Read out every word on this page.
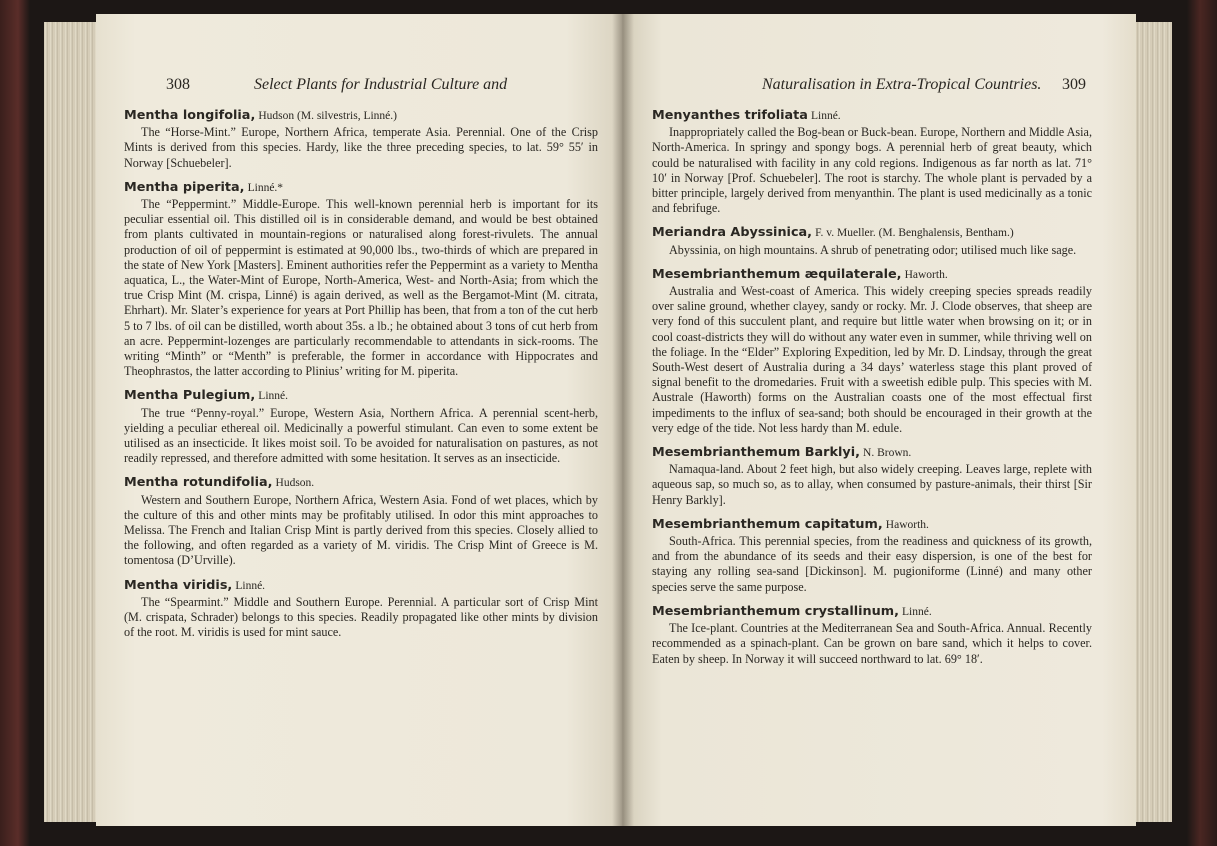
308	Select Plants for Industrial Culture and	Naturalisation in Extra-Tropical Countries. 309
Mentha longifolia, Hudson (M. silvestris, Linné.)

The “Horse-Mint.” Europe, Northern Africa, temperate Asia. Perennial. One of the Crisp Mints is derived from this species. Hardy, like the three preceding species, to lat. 59° 55′ in Norway [Schuebeler].

Mentha piperita, Linné.*

The “Peppermint.” Middle-Europe. This well-known perennial herb is important for its peculiar essential oil. This distilled oil is in considerable demand, and would be best obtained from plants cultivated in mountain-regions or naturalised along forest-rivulets. The annual production of oil of peppermint is estimated at 90,000 lbs., two-thirds of which are prepared in the state of New York [Masters]. Eminent authorities refer the Peppermint as a variety to Mentha aquatica, L., the Water-Mint of Europe, North-America, West- and North-Asia; from which the true Crisp Mint (M. crispa, Linné) is again derived, as well as the Bergamot-Mint (M. citrata, Ehrhart). Mr. Slater’s experience for years at Port Phillip has been, that from a ton of the cut herb 5 to 7 lbs. of oil can be distilled, worth about 35s. a lb.; he obtained about 3 tons of cut herb from an acre. Peppermint-lozenges are particularly recommendable to attendants in sick-rooms. The writing “Minth” or “Menth” is preferable, the former in accordance with Hippocrates and Theophrastos, the latter according to Plinius’ writing for M. piperita.

Mentha Pulegium, Linné.

The true “Penny-royal.” Europe, Western Asia, Northern Africa. A perennial scent-herb, yielding a peculiar ethereal oil. Medicinally a powerful stimulant. Can even to some extent be utilised as an insecticide. It likes moist soil. To be avoided for naturalisation on pastures, as not readily repressed, and therefore admitted with some hesitation. It serves as an insecticide.

Mentha rotundifolia, Hudson.

Western and Southern Europe, Northern Africa, Western Asia. Fond of wet places, which by the culture of this and other mints may be profitably utilised. In odor this mint approaches to Melissa. The French and Italian Crisp Mint is partly derived from this species. Closely allied to the following, and often regarded as a variety of M. viridis. The Crisp Mint of Greece is M. tomentosa (D’Urville).

Mentha viridis, Linné.

The “Spearmint.” Middle and Southern Europe. Perennial. A particular sort of Crisp Mint (M. crispata, Schrader) belongs to this species. Readily propagated like other mints by division of the root. M. viridis is used for mint sauce.

Menyanthes trifoliata Linné.

Inappropriately called the Bog-bean or Buck-bean. Europe, Northern and Middle Asia, North-America. In springy and spongy bogs. A perennial herb of great beauty, which could be naturalised with facility in any cold regions. Indigenous as far north as lat. 71° 10′ in Norway [Prof. Schuebeler]. The root is starchy. The whole plant is pervaded by a bitter principle, largely derived from menyanthin. The plant is used medicinally as a tonic and febrifuge.

Meriandra Abyssinica, F. v. Mueller. (M. Benghalensis, Bentham.)

Abyssinia, on high mountains. A shrub of penetrating odor; utilised much like sage.

Mesembrianthemum æquilaterale, Haworth.

Australia and West-coast of America. This widely creeping species spreads readily over saline ground, whether clayey, sandy or rocky. Mr. J. Clode observes, that sheep are very fond of this succulent plant, and require but little water when browsing on it; or in cool coast-districts they will do without any water even in summer, while thriving well on the foliage. In the “Elder” Exploring Expedition, led by Mr. D. Lindsay, through the great South-West desert of Australia during a 34 days’ waterless stage this plant proved of signal benefit to the dromedaries. Fruit with a sweetish edible pulp. This species with M. Australe (Haworth) forms on the Australian coasts one of the most effectual first impediments to the influx of sea-sand; both should be encouraged in their growth at the very edge of the tide. Not less hardy than M. edule.

Mesembrianthemum Barklyi, N. Brown.

Namaqua-land. About 2 feet high, but also widely creeping. Leaves large, replete with aqueous sap, so much so, as to allay, when consumed by pasture-animals, their thirst [Sir Henry Barkly].

Mesembrianthemum capitatum, Haworth.

South-Africa. This perennial species, from the readiness and quickness of its growth, and from the abundance of its seeds and their easy dispersion, is one of the best for staying any rolling sea-sand [Dickinson]. M. pugioniforme (Linné) and many other species serve the same purpose.

Mesembrianthemum crystallinum, Linné.

The Ice-plant. Countries at the Mediterranean Sea and South-Africa. Annual. Recently recommended as a spinach-plant. Can be grown on bare sand, which it helps to cover. Eaten by sheep. In Norway it will succeed northward to lat. 69° 18′.
